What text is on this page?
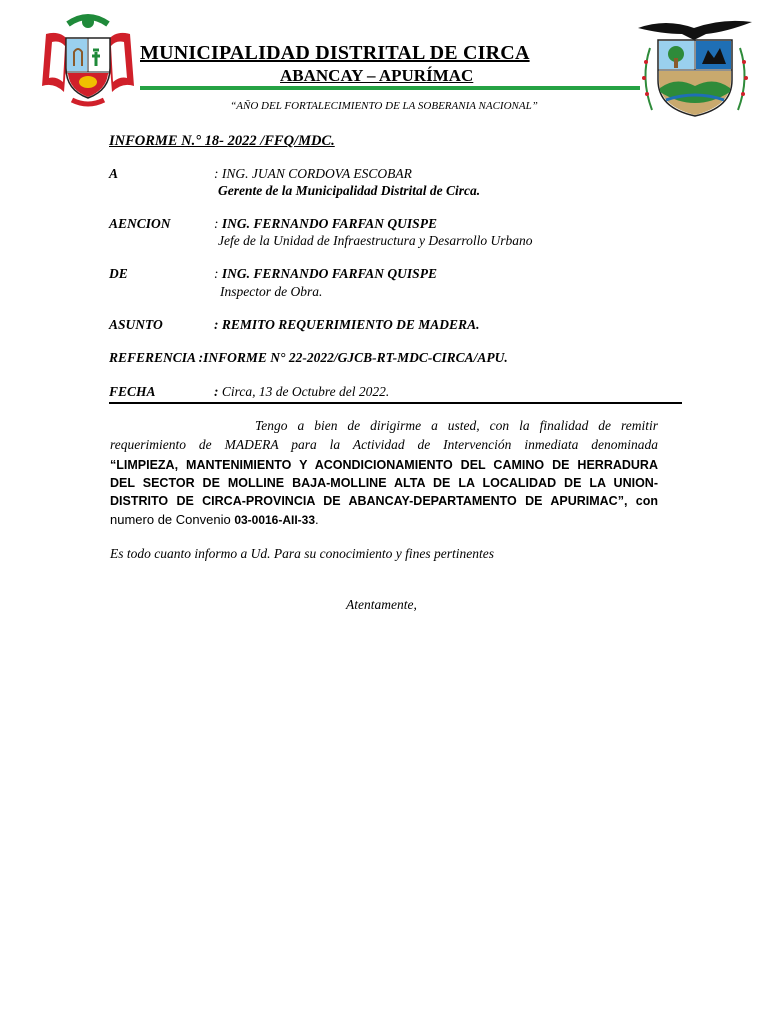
MUNICIPALIDAD DISTRITAL DE CIRCA
ABANCAY – APURÍMAC
“AÑO DEL FORTALECIMIENTO DE LA SOBERANIA NACIONAL”
INFORME N.° 18- 2022 /FFQ/MDC.
A	: ING. JUAN CORDOVA ESCOBAR
Gerente de la Municipalidad Distrital de Circa.
AENCION	: ING. FERNANDO FARFAN QUISPE
Jefe de la Unidad de Infraestructura y Desarrollo Urbano
DE	: ING. FERNANDO FARFAN QUISPE
Inspector de Obra.
ASUNTO	: REMITO REQUERIMIENTO DE MADERA.
REFERENCIA :INFORME N° 22-2022/GJCB-RT-MDC-CIRCA/APU.
FECHA	: Circa, 13 de Octubre del 2022.
Tengo a bien de dirigirme a usted, con la finalidad de remitir
requerimiento de MADERA para la Actividad de Intervención inmediata denominada
“LIMPIEZA, MANTENIMIENTO Y ACONDICIONAMIENTO DEL CAMINO DE HERRADURA
DEL SECTOR DE MOLLINE BAJA-MOLLINE ALTA DE LA LOCALIDAD DE LA UNION-
DISTRITO DE CIRCA-PROVINCIA DE ABANCAY-DEPARTAMENTO DE APURIMAC”, con
numero de Convenio 03-0016-AII-33.
Es todo cuanto informo a Ud. Para su conocimiento y fines pertinentes
Atentamente,
